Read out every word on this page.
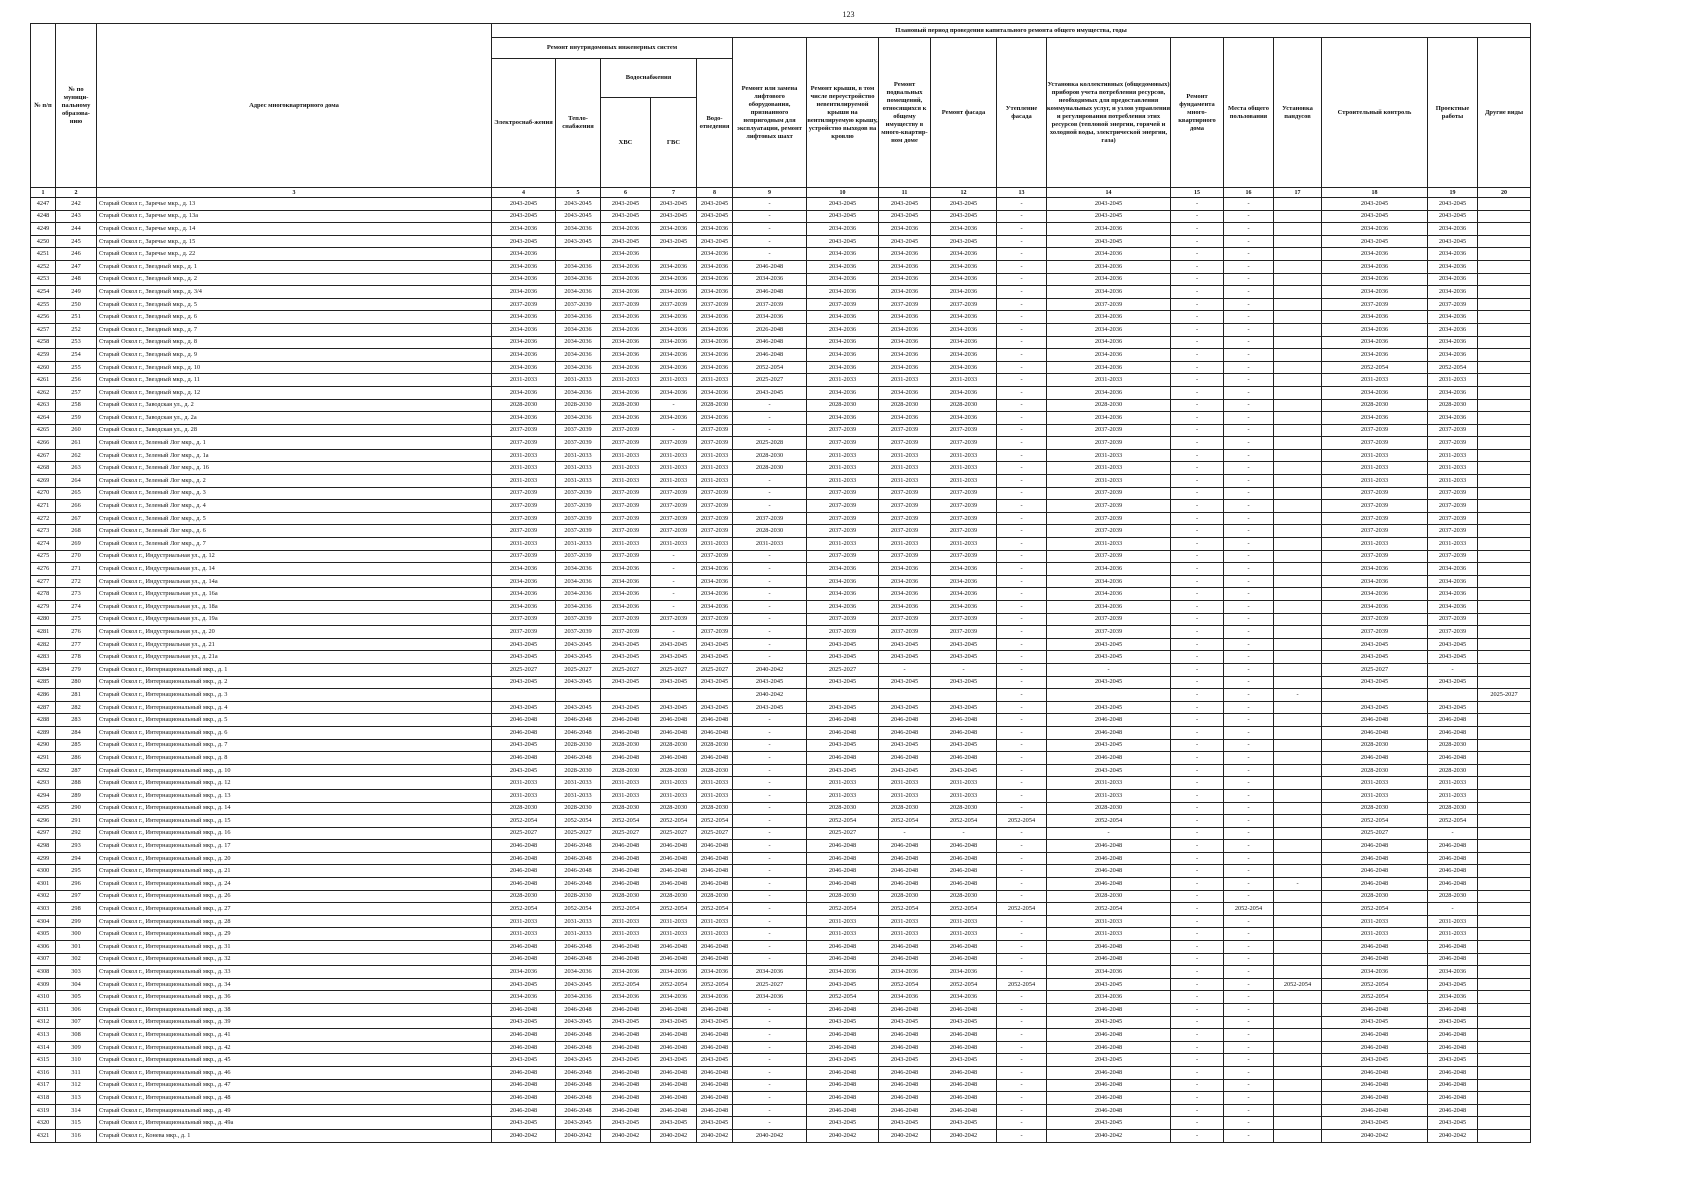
123
№ п/п	№ по муници-пальному образова-нию	Адрес многоквартирного дома	Плановый период проведения капитального ремонта общего имущества, годы																
			Ремонт внутридомовых инженерных систем					Ремонт или замена лифтового оборудования, признанного непригодным для эксплуатации, ремонт лифтовых шахт	Ремонт крыши, в том числе переустройство невентилируемой крыши на вентилируемую крышу, устройство выходов на кровлю	Ремонт подвальных помещений, относящихся к общему имуществу в много-квартир-ном доме	Ремонт фасада	Утепление фасада	Установка коллективных (общедомовых) приборов учета потребления ресурсов, необходимых для предоставления коммунальных услуг, и узлов управления и регулирования потребления этих ресурсов (тепловой энергии, горячей и холодной воды, электрической энергии, газа)	Ремонт фундамента много-квартирного дома	Места общего пользования	Установка пандусов	Строительный контроль	Проектные работы	Другие виды
			Электроснаб-жения	Тепло-снабжения	Водоснабжения		Водо-отведения												
					ХВС	ГВС													
1	2	3	4	5	6	7	8	9	10	11	12	13	14	15	16	17	18	19	20
4247	242	Старый Оскол г., Заречье мкр., д. 13	2043-2045	2043-2045	2043-2045	2043-2045	2043-2045	-	2043-2045	2043-2045	2043-2045	-	2043-2045	-	-		2043-2045	2043-2045	
4248	243	Старый Оскол г., Заречье мкр., д. 13а	2043-2045	2043-2045	2043-2045	2043-2045	2043-2045	-	2043-2045	2043-2045	2043-2045	-	2043-2045	-	-		2043-2045	2043-2045	
4249	244	Старый Оскол г., Заречье мкр., д. 14	2034-2036	2034-2036	2034-2036	2034-2036	2034-2036	-	2034-2036	2034-2036	2034-2036	-	2034-2036	-	-		2034-2036	2034-2036	
4250	245	Старый Оскол г., Заречье мкр., д. 15	2043-2045	2043-2045	2043-2045	2043-2045	2043-2045	-	2043-2045	2043-2045	2043-2045	-	2043-2045	-	-		2043-2045	2043-2045	
4251	246	Старый Оскол г., Заречье мкр., д. 22	2034-2036		2034-2036		2034-2036	-	2034-2036	2034-2036	2034-2036	-	2034-2036	-	-		2034-2036	2034-2036	
4252	247	Старый Оскол г., Звездный мкр., д. 1	2034-2036	2034-2036	2034-2036	2034-2036	2034-2036	2046-2048	2034-2036	2034-2036	2034-2036	-	2034-2036	-	-		2034-2036	2034-2036	
4253	248	Старый Оскол г., Звездный мкр., д. 2	2034-2036	2034-2036	2034-2036	2034-2036	2034-2036	2034-2036	2034-2036	2034-2036	2034-2036	-	2034-2036	-	-		2034-2036	2034-2036	
4254	249	Старый Оскол г., Звездный мкр., д. 3/4	2034-2036	2034-2036	2034-2036	2034-2036	2034-2036	2046-2048	2034-2036	2034-2036	2034-2036	-	2034-2036	-	-		2034-2036	2034-2036	
4255	250	Старый Оскол г., Звездный мкр., д. 5	2037-2039	2037-2039	2037-2039	2037-2039	2037-2039	2037-2039	2037-2039	2037-2039	2037-2039	-	2037-2039	-	-		2037-2039	2037-2039	
4256	251	Старый Оскол г., Звездный мкр., д. 6	2034-2036	2034-2036	2034-2036	2034-2036	2034-2036	2034-2036	2034-2036	2034-2036	2034-2036	-	2034-2036	-	-		2034-2036	2034-2036	
4257	252	Старый Оскол г., Звездный мкр., д. 7	2034-2036	2034-2036	2034-2036	2034-2036	2034-2036	2026-2048	2034-2036	2034-2036	2034-2036	-	2034-2036	-	-		2034-2036	2034-2036	
4258	253	Старый Оскол г., Звездный мкр., д. 8	2034-2036	2034-2036	2034-2036	2034-2036	2034-2036	2046-2048	2034-2036	2034-2036	2034-2036	-	2034-2036	-	-		2034-2036	2034-2036	
4259	254	Старый Оскол г., Звездный мкр., д. 9	2034-2036	2034-2036	2034-2036	2034-2036	2034-2036	2046-2048	2034-2036	2034-2036	2034-2036	-	2034-2036	-	-		2034-2036	2034-2036	
4260	255	Старый Оскол г., Звездный мкр., д. 10	2034-2036	2034-2036	2034-2036	2034-2036	2034-2036	2052-2054	2034-2036	2034-2036	2034-2036	-	2034-2036	-	-		2052-2054	2052-2054	
4261	256	Старый Оскол г., Звездный мкр., д. 11	2031-2033	2031-2033	2031-2033	2031-2033	2031-2033	2025-2027	2031-2033	2031-2033	2031-2033	-	2031-2033	-	-		2031-2033	2031-2033	
4262	257	Старый Оскол г., Звездный мкр., д. 12	2034-2036	2034-2036	2034-2036	2034-2036	2034-2036	2043-2045	2034-2036	2034-2036	2034-2036	-	2034-2036	-	-		2034-2036	2034-2036	
4263	258	Старый Оскол г., Заводская ул., д. 2	2028-2030	2028-2030	2028-2030	-	2028-2030	-	2028-2030	2028-2030	2028-2030	-	2028-2030	-	-		2028-2030	2028-2030	
4264	259	Старый Оскол г., Заводская ул., д. 2а	2034-2036	2034-2036	2034-2036	2034-2036	2034-2036	-	2034-2036	2034-2036	2034-2036	-	2034-2036	-	-		2034-2036	2034-2036	
4265	260	Старый Оскол г., Заводская ул., д. 28	2037-2039	2037-2039	2037-2039	-	2037-2039	-	2037-2039	2037-2039	2037-2039	-	2037-2039	-	-		2037-2039	2037-2039	
4266	261	Старый Оскол г., Зеленый Лог мкр., д. 1	2037-2039	2037-2039	2037-2039	2037-2039	2037-2039	2025-2028	2037-2039	2037-2039	2037-2039	-	2037-2039	-	-		2037-2039	2037-2039	
4267	262	Старый Оскол г., Зеленый Лог мкр., д. 1а	2031-2033	2031-2033	2031-2033	2031-2033	2031-2033	2028-2030	2031-2033	2031-2033	2031-2033	-	2031-2033	-	-		2031-2033	2031-2033	
4268	263	Старый Оскол г., Зеленый Лог мкр., д. 16	2031-2033	2031-2033	2031-2033	2031-2033	2031-2033	2028-2030	2031-2033	2031-2033	2031-2033	-	2031-2033	-	-		2031-2033	2031-2033	
4269	264	Старый Оскол г., Зеленый Лог мкр., д. 2	2031-2033	2031-2033	2031-2033	2031-2033	2031-2033	-	2031-2033	2031-2033	2031-2033	-	2031-2033	-	-		2031-2033	2031-2033	
4270	265	Старый Оскол г., Зеленый Лог мкр., д. 3	2037-2039	2037-2039	2037-2039	2037-2039	2037-2039	-	2037-2039	2037-2039	2037-2039	-	2037-2039	-	-		2037-2039	2037-2039	
4271	266	Старый Оскол г., Зеленый Лог мкр., д. 4	2037-2039	2037-2039	2037-2039	2037-2039	2037-2039	-	2037-2039	2037-2039	2037-2039	-	2037-2039	-	-		2037-2039	2037-2039	
4272	267	Старый Оскол г., Зеленый Лог мкр., д. 5	2037-2039	2037-2039	2037-2039	2037-2039	2037-2039	2037-2039	2037-2039	2037-2039	2037-2039	-	2037-2039	-	-		2037-2039	2037-2039	
4273	268	Старый Оскол г., Зеленый Лог мкр., д. 6	2037-2039	2037-2039	2037-2039	2037-2039	2037-2039	2028-2030	2037-2039	2037-2039	2037-2039	-	2037-2039	-	-		2037-2039	2037-2039	
4274	269	Старый Оскол г., Зеленый Лог мкр., д. 7	2031-2033	2031-2033	2031-2033	2031-2033	2031-2033	2031-2033	2031-2033	2031-2033	2031-2033	-	2031-2033	-	-		2031-2033	2031-2033	
4275	270	Старый Оскол г., Индустриальная ул., д. 12	2037-2039	2037-2039	2037-2039	-	2037-2039	-	2037-2039	2037-2039	2037-2039	-	2037-2039	-	-		2037-2039	2037-2039	
4276	271	Старый Оскол г., Индустриальная ул., д. 14	2034-2036	2034-2036	2034-2036	-	2034-2036	-	2034-2036	2034-2036	2034-2036	-	2034-2036	-	-		2034-2036	2034-2036	
4277	272	Старый Оскол г., Индустриальная ул., д. 14а	2034-2036	2034-2036	2034-2036	-	2034-2036	-	2034-2036	2034-2036	2034-2036	-	2034-2036	-	-		2034-2036	2034-2036	
4278	273	Старый Оскол г., Индустриальная ул., д. 16а	2034-2036	2034-2036	2034-2036	-	2034-2036	-	2034-2036	2034-2036	2034-2036	-	2034-2036	-	-		2034-2036	2034-2036	
4279	274	Старый Оскол г., Индустриальная ул., д. 18а	2034-2036	2034-2036	2034-2036	-	2034-2036	-	2034-2036	2034-2036	2034-2036	-	2034-2036	-	-		2034-2036	2034-2036	
4280	275	Старый Оскол г., Индустриальная ул., д. 19а	2037-2039	2037-2039	2037-2039	2037-2039	2037-2039	-	2037-2039	2037-2039	2037-2039	-	2037-2039	-	-		2037-2039	2037-2039	
4281	276	Старый Оскол г., Индустриальная ул., д. 20	2037-2039	2037-2039	2037-2039	-	2037-2039	-	2037-2039	2037-2039	2037-2039	-	2037-2039	-	-		2037-2039	2037-2039	
4282	277	Старый Оскол г., Индустриальная ул., д. 21	2043-2045	2043-2045	2043-2045	2043-2045	2043-2045	-	2043-2045	2043-2045	2043-2045	-	2043-2045	-	-		2043-2045	2043-2045	
4283	278	Старый Оскол г., Индустриальная ул., д. 21а	2043-2045	2043-2045	2043-2045	2043-2045	2043-2045	-	2043-2045	2043-2045	2043-2045	-	2043-2045	-	-		2043-2045	2043-2045	
4284	279	Старый Оскол г., Интернациональный мкр., д. 1	2025-2027	2025-2027	2025-2027	2025-2027	2025-2027	2040-2042	2025-2027	-	-	-	-	-	-		2025-2027	-	
4285	280	Старый Оскол г., Интернациональный мкр., д. 2	2043-2045	2043-2045	2043-2045	2043-2045	2043-2045	2043-2045	2043-2045	2043-2045	2043-2045	-	2043-2045	-	-		2043-2045	2043-2045	
4286	281	Старый Оскол г., Интернациональный мкр., д. 3						2040-2042				-		-	-	-			2025-2027
4287	282	Старый Оскол г., Интернациональный мкр., д. 4	2043-2045	2043-2045	2043-2045	2043-2045	2043-2045	2043-2045	2043-2045	2043-2045	2043-2045	-	2043-2045	-	-		2043-2045	2043-2045	
4288	283	Старый Оскол г., Интернациональный мкр., д. 5	2046-2048	2046-2048	2046-2048	2046-2048	2046-2048	-	2046-2048	2046-2048	2046-2048	-	2046-2048	-	-		2046-2048	2046-2048	
4289	284	Старый Оскол г., Интернациональный мкр., д. 6	2046-2048	2046-2048	2046-2048	2046-2048	2046-2048	-	2046-2048	2046-2048	2046-2048	-	2046-2048	-	-		2046-2048	2046-2048	
4290	285	Старый Оскол г., Интернациональный мкр., д. 7	2043-2045	2028-2030	2028-2030	2028-2030	2028-2030	-	2043-2045	2043-2045	2043-2045	-	2043-2045	-	-		2028-2030	2028-2030	
4291	286	Старый Оскол г., Интернациональный мкр., д. 8	2046-2048	2046-2048	2046-2048	2046-2048	2046-2048	-	2046-2048	2046-2048	2046-2048	-	2046-2048	-	-		2046-2048	2046-2048	
4292	287	Старый Оскол г., Интернациональный мкр., д. 10	2043-2045	2028-2030	2028-2030	2028-2030	2028-2030	-	2043-2045	2043-2045	2043-2045	-	2043-2045	-	-		2028-2030	2028-2030	
4293	288	Старый Оскол г., Интернациональный мкр., д. 12	2031-2033	2031-2033	2031-2033	2031-2033	2031-2033	-	2031-2033	2031-2033	2031-2033	-	2031-2033	-	-		2031-2033	2031-2033	
4294	289	Старый Оскол г., Интернациональный мкр., д. 13	2031-2033	2031-2033	2031-2033	2031-2033	2031-2033	-	2031-2033	2031-2033	2031-2033	-	2031-2033	-	-		2031-2033	2031-2033	
4295	290	Старый Оскол г., Интернациональный мкр., д. 14	2028-2030	2028-2030	2028-2030	2028-2030	2028-2030	-	2028-2030	2028-2030	2028-2030	-	2028-2030	-	-		2028-2030	2028-2030	
4296	291	Старый Оскол г., Интернациональный мкр., д. 15	2052-2054	2052-2054	2052-2054	2052-2054	2052-2054	-	2052-2054	2052-2054	2052-2054	2052-2054	2052-2054	-	-		2052-2054	2052-2054	
4297	292	Старый Оскол г., Интернациональный мкр., д. 16	2025-2027	2025-2027	2025-2027	2025-2027	2025-2027	-	2025-2027	-	-	-	-	-	-		2025-2027	-	
4298	293	Старый Оскол г., Интернациональный мкр., д. 17	2046-2048	2046-2048	2046-2048	2046-2048	2046-2048	-	2046-2048	2046-2048	2046-2048	-	2046-2048	-	-		2046-2048	2046-2048	
4299	294	Старый Оскол г., Интернациональный мкр., д. 20	2046-2048	2046-2048	2046-2048	2046-2048	2046-2048	-	2046-2048	2046-2048	2046-2048	-	2046-2048	-	-		2046-2048	2046-2048	
4300	295	Старый Оскол г., Интернациональный мкр., д. 21	2046-2048	2046-2048	2046-2048	2046-2048	2046-2048	-	2046-2048	2046-2048	2046-2048	-	2046-2048	-	-		2046-2048	2046-2048	
4301	296	Старый Оскол г., Интернациональный мкр., д. 24	2046-2048	2046-2048	2046-2048	2046-2048	2046-2048	-	2046-2048	2046-2048	2046-2048	-	2046-2048	-	-	-	2046-2048	2046-2048	
4302	297	Старый Оскол г., Интернациональный мкр., д. 26	2028-2030	2028-2030	2028-2030	2028-2030	2028-2030	-	2028-2030	2028-2030	2028-2030	-	2028-2030	-	-		2028-2030	2028-2030	
4303	298	Старый Оскол г., Интернациональный мкр., д. 27	2052-2054	2052-2054	2052-2054	2052-2054	2052-2054	-	2052-2054	2052-2054	2052-2054	2052-2054	2052-2054	-	2052-2054		2052-2054	-	
4304	299	Старый Оскол г., Интернациональный мкр., д. 28	2031-2033	2031-2033	2031-2033	2031-2033	2031-2033	-	2031-2033	2031-2033	2031-2033	-	2031-2033	-	-		2031-2033	2031-2033	
4305	300	Старый Оскол г., Интернациональный мкр., д. 29	2031-2033	2031-2033	2031-2033	2031-2033	2031-2033	-	2031-2033	2031-2033	2031-2033	-	2031-2033	-	-		2031-2033	2031-2033	
4306	301	Старый Оскол г., Интернациональный мкр., д. 31	2046-2048	2046-2048	2046-2048	2046-2048	2046-2048	-	2046-2048	2046-2048	2046-2048	-	2046-2048	-	-		2046-2048	2046-2048	
4307	302	Старый Оскол г., Интернациональный мкр., д. 32	2046-2048	2046-2048	2046-2048	2046-2048	2046-2048	-	2046-2048	2046-2048	2046-2048	-	2046-2048	-	-		2046-2048	2046-2048	
4308	303	Старый Оскол г., Интернациональный мкр., д. 33	2034-2036	2034-2036	2034-2036	2034-2036	2034-2036	2034-2036	2034-2036	2034-2036	2034-2036	-	2034-2036	-	-		2034-2036	2034-2036	
4309	304	Старый Оскол г., Интернациональный мкр., д. 34	2043-2045	2043-2045	2052-2054	2052-2054	2052-2054	2025-2027	2043-2045	2052-2054	2052-2054	2052-2054	2043-2045	-	-	2052-2054	2052-2054	2043-2045	
4310	305	Старый Оскол г., Интернациональный мкр., д. 36	2034-2036	2034-2036	2034-2036	2034-2036	2034-2036	2034-2036	2052-2054	2034-2036	2034-2036	-	2034-2036	-	-		2052-2054	2034-2036	
4311	306	Старый Оскол г., Интернациональный мкр., д. 38	2046-2048	2046-2048	2046-2048	2046-2048	2046-2048	-	2046-2048	2046-2048	2046-2048	-	2046-2048	-	-		2046-2048	2046-2048	
4312	307	Старый Оскол г., Интернациональный мкр., д. 39	2043-2045	2043-2045	2043-2045	2043-2045	2043-2045	-	2043-2045	2043-2045	2043-2045	-	2043-2045	-	-		2043-2045	2043-2045	
4313	308	Старый Оскол г., Интернациональный мкр., д. 41	2046-2048	2046-2048	2046-2048	2046-2048	2046-2048	-	2046-2048	2046-2048	2046-2048	-	2046-2048	-	-		2046-2048	2046-2048	
4314	309	Старый Оскол г., Интернациональный мкр., д. 42	2046-2048	2046-2048	2046-2048	2046-2048	2046-2048	-	2046-2048	2046-2048	2046-2048	-	2046-2048	-	-		2046-2048	2046-2048	
4315	310	Старый Оскол г., Интернациональный мкр., д. 45	2043-2045	2043-2045	2043-2045	2043-2045	2043-2045	-	2043-2045	2043-2045	2043-2045	-	2043-2045	-	-		2043-2045	2043-2045	
4316	311	Старый Оскол г., Интернациональный мкр., д. 46	2046-2048	2046-2048	2046-2048	2046-2048	2046-2048	-	2046-2048	2046-2048	2046-2048	-	2046-2048	-	-		2046-2048	2046-2048	
4317	312	Старый Оскол г., Интернациональный мкр., д. 47	2046-2048	2046-2048	2046-2048	2046-2048	2046-2048	-	2046-2048	2046-2048	2046-2048	-	2046-2048	-	-		2046-2048	2046-2048	
4318	313	Старый Оскол г., Интернациональный мкр., д. 48	2046-2048	2046-2048	2046-2048	2046-2048	2046-2048	-	2046-2048	2046-2048	2046-2048	-	2046-2048	-	-		2046-2048	2046-2048	
4319	314	Старый Оскол г., Интернациональный мкр., д. 49	2046-2048	2046-2048	2046-2048	2046-2048	2046-2048	-	2046-2048	2046-2048	2046-2048	-	2046-2048	-	-		2046-2048	2046-2048	
4320	315	Старый Оскол г., Интернациональный мкр., д. 49а	2043-2045	2043-2045	2043-2045	2043-2045	2043-2045	-	2043-2045	2043-2045	2043-2045	-	2043-2045	-	-		2043-2045	2043-2045	
4321	316	Старый Оскол г., Конева мкр., д. 1	2040-2042	2040-2042	2040-2042	2040-2042	2040-2042	2040-2042	2040-2042	2040-2042	2040-2042	-	2040-2042	-	-		2040-2042	2040-2042	
